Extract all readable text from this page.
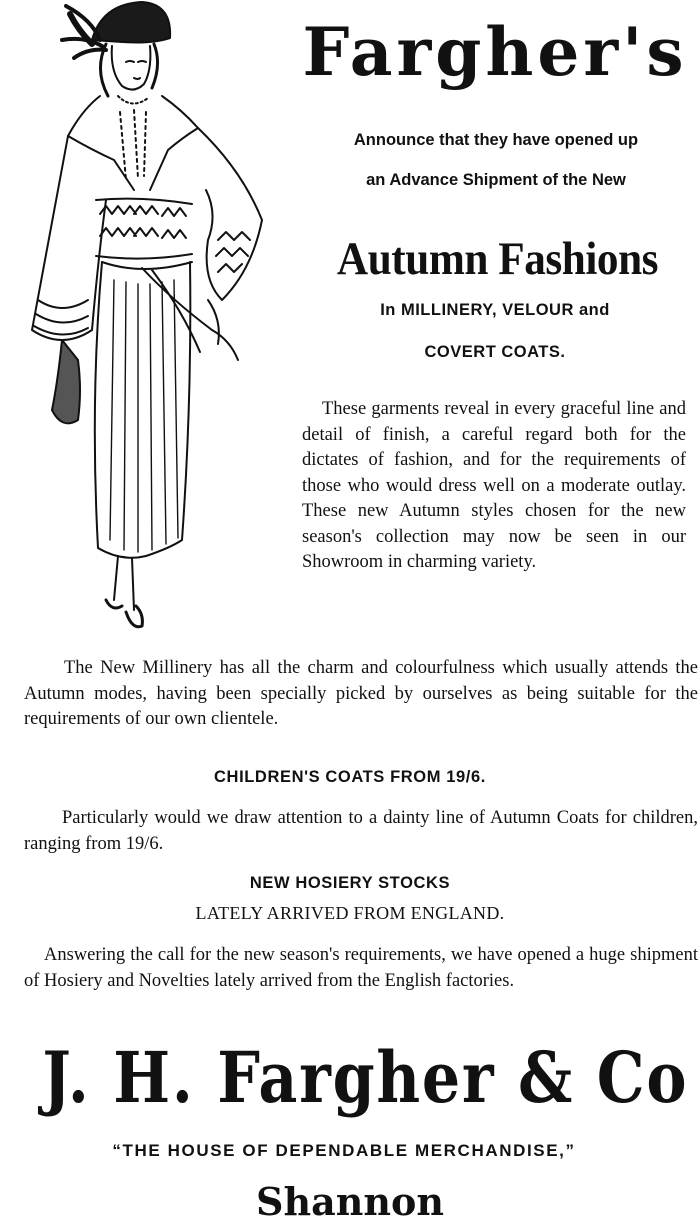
Fargher's
Announce that they have opened up
an Advance Shipment of the New
Autumn Fashions
In MILLINERY, VELOUR and
COVERT COATS.

These garments reveal in every graceful line and detail of finish, a careful regard both for the dictates of fashion, and for the requirements of those who would dress well on a moderate outlay. These new Autumn styles chosen for the new season's collection may now be seen in our Showroom in charming variety.

The New Millinery has all the charm and colourfulness which usually attends the Autumn modes, having been specially picked by ourselves as being suitable for the requirements of our own clientele.

CHILDREN'S COATS FROM 19/6.

Particularly would we draw attention to a dainty line of Autumn Coats for children, ranging from 19/6.

NEW HOSIERY STOCKS
LATELY ARRIVED FROM ENGLAND.

Answering the call for the new season's requirements, we have opened a huge shipment of Hosiery and Novelties lately arrived from the English factories.

J. H. Fargher & Co
“THE HOUSE OF DEPENDABLE MERCHANDISE,”
Shannon
